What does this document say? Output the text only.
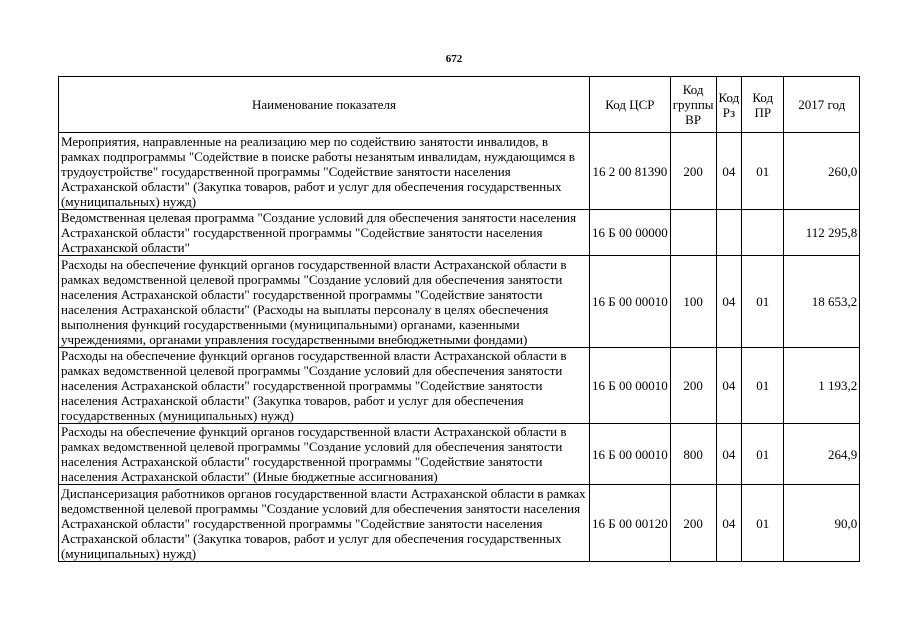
672
Наименование показателя	Код ЦСР	Код группы ВР	Код Рз	Код ПР	2017 год
Мероприятия, направленные на реализацию мер по содействию занятости инвалидов, в рамках подпрограммы "Содействие в поиске работы незанятым инвалидам, нуждающимся в трудоустройстве" государственной программы "Содействие занятости населения Астраханской области" (Закупка товаров, работ и услуг для обеспечения государственных (муниципальных) нужд)	16 2 00 81390	200	04	01	260,0
Ведомственная целевая программа "Создание условий для обеспечения занятости населения Астраханской области" государственной программы "Содействие занятости населения Астраханской области"	16 Б 00 00000				112 295,8
Расходы на обеспечение функций органов государственной власти Астраханской области в рамках ведомственной целевой программы "Создание условий для обеспечения занятости населения Астраханской области" государственной программы "Содействие занятости населения Астраханской области" (Расходы на выплаты персоналу в целях обеспечения выполнения функций государственными (муниципальными) органами, казенными учреждениями, органами управления государственными внебюджетными фондами)	16 Б 00 00010	100	04	01	18 653,2
Расходы на обеспечение функций органов государственной власти Астраханской области в рамках ведомственной целевой программы "Создание условий для обеспечения занятости населения Астраханской области" государственной программы "Содействие занятости населения Астраханской области" (Закупка товаров, работ и услуг для обеспечения государственных (муниципальных) нужд)	16 Б 00 00010	200	04	01	1 193,2
Расходы на обеспечение функций органов государственной власти Астраханской области в рамках ведомственной целевой программы "Создание условий для обеспечения занятости населения Астраханской области" государственной программы "Содействие занятости населения Астраханской области" (Иные бюджетные ассигнования)	16 Б 00 00010	800	04	01	264,9
Диспансеризация работников органов государственной власти Астраханской области в рамках ведомственной целевой программы "Создание условий для обеспечения занятости населения Астраханской области" государственной программы "Содействие занятости населения Астраханской области" (Закупка товаров, работ и услуг для обеспечения государственных (муниципальных) нужд)	16 Б 00 00120	200	04	01	90,0
